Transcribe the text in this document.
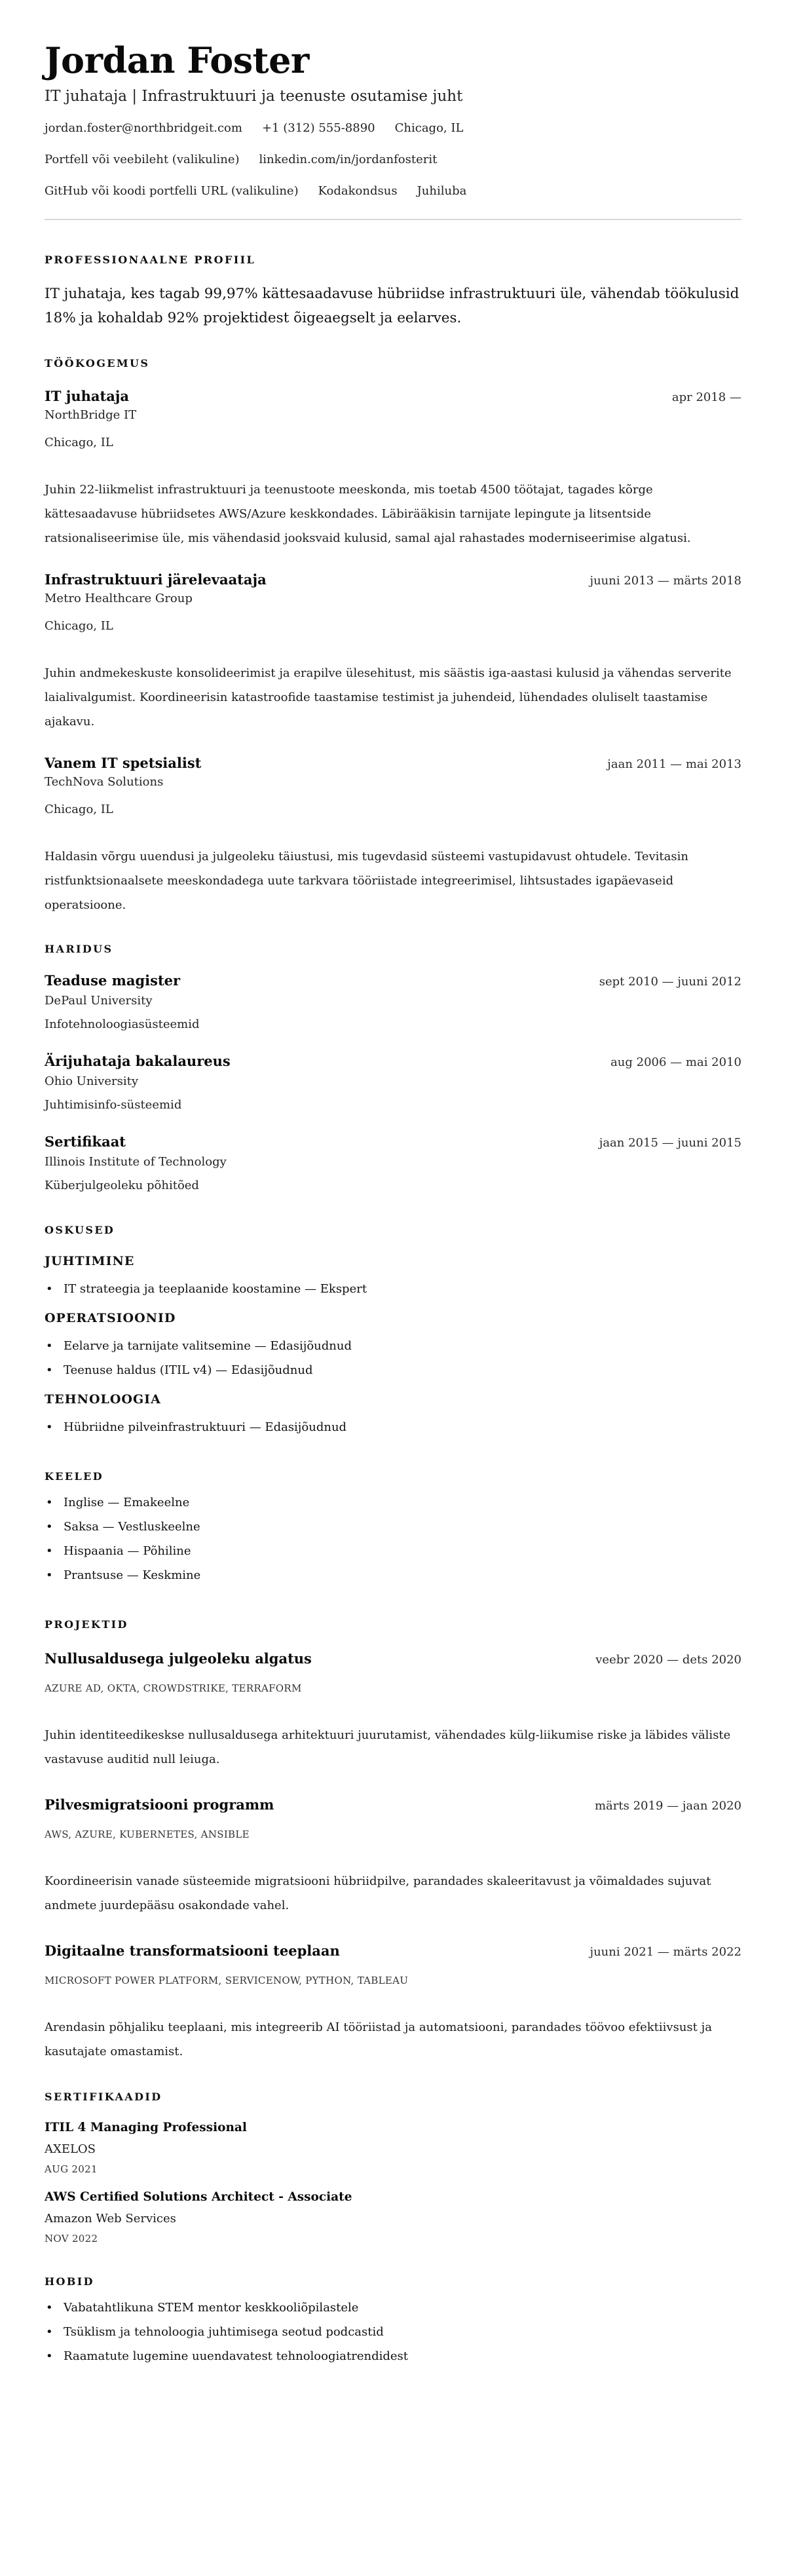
Jordan Foster
IT juhataja | Infrastruktuuri ja teenuste osutamise juht
jordan.foster@northbridgeit.com +1 (312) 555-8890 Chicago, IL
Portfell või veebileht (valikuline) linkedin.com/in/jordanfosterit
GitHub või koodi portfelli URL (valikuline) Kodakondsus Juhiluba
PROFESSIONAALNE PROFIIL

IT juhataja, kes tagab 99,97% kättesaadavuse hübriidse infrastruktuuri üle, vähendab töökulusid 18% ja kohaldab 92% projektidest õigeaegselt ja eelarves.

TÖÖKOGEMUS
IT juhataja	apr 2018 —
NorthBridge IT
Chicago, IL

Juhin 22-liikmelist infrastruktuuri ja teenustoote meeskonda, mis toetab 4500 töötajat, tagades kõrge kättesaadavuse hübriidsetes AWS/Azure keskkondades. Läbirääkisin tarnijate lepingute ja litsentside ratsionaliseerimise üle, mis vähendasid jooksvaid kulusid, samal ajal rahastades moderniseerimise algatusi.

Infrastruktuuri järelevaataja	juuni 2013 — märts 2018
Metro Healthcare Group
Chicago, IL

Juhin andmekeskuste konsolideerimist ja erapilve ülesehitust, mis säästis iga-aastasi kulusid ja vähendas serverite laialivalgumist. Koordineerisin katastroofide taastamise testimist ja juhendeid, lühendades oluliselt taastamise ajakavu.

Vanem IT spetsialist	jaan 2011 — mai 2013
TechNova Solutions
Chicago, IL

Haldasin võrgu uuendusi ja julgeoleku täiustusi, mis tugevdasid süsteemi vastupidavust ohtudele. Tevitasin ristfunktsionaalsete meeskondadega uute tarkvara tööriistade integreerimisel, lihtsustades igapäevaseid operatsioone.

HARIDUS
Teaduse magister	sept 2010 — juuni 2012
DePaul University
Infotehnoloogiasüsteemid
Ärijuhataja bakalaureus	aug 2006 — mai 2010
Ohio University
Juhtimisinfo-süsteemid
Sertifikaat	jaan 2015 — juuni 2015
Illinois Institute of Technology
Küberjulgeoleku põhitõed
OSKUSED
JUHTIMINE
• IT strateegia ja teeplaanide koostamine — Ekspert
OPERATSIOONID
• Eelarve ja tarnijate valitsemine — Edasijõudnud
• Teenuse haldus (ITIL v4) — Edasijõudnud
TEHNOLOOGIA
• Hübriidne pilveinfrastruktuuri — Edasijõudnud
KEELED
• Inglise — Emakeelne
• Saksa — Vestluskeelne
• Hispaania — Põhiline
• Prantsuse — Keskmine
PROJEKTID
Nullusaldusega julgeoleku algatus	veebr 2020 — dets 2020
AZURE AD, OKTA, CROWDSTRIKE, TERRAFORM

Juhin identiteedikeskse nullusaldusega arhitektuuri juurutamist, vähendades külg-liikumise riske ja läbides väliste vastavuse auditid null leiuga.

Pilvesmigratsiooni programm	märts 2019 — jaan 2020
AWS, AZURE, KUBERNETES, ANSIBLE

Koordineerisin vanade süsteemide migratsiooni hübriidpilve, parandades skaleeritavust ja võimaldades sujuvat andmete juurdepääsu osakondade vahel.

Digitaalne transformatsiooni teeplaan	juuni 2021 — märts 2022
MICROSOFT POWER PLATFORM, SERVICENOW, PYTHON, TABLEAU

Arendasin põhjaliku teeplaani, mis integreerib AI tööriistad ja automatsiooni, parandades töövoo efektiivsust ja kasutajate omastamist.

SERTIFIKAADID
ITIL 4 Managing Professional
AXELOS
AUG 2021
AWS Certified Solutions Architect - Associate
Amazon Web Services
NOV 2022
HOBID
• Vabatahtlikuna STEM mentor keskkooliõpilastele
• Tsüklism ja tehnoloogia juhtimisega seotud podcastid
• Raamatute lugemine uuendavatest tehnoloogiatrendidest
